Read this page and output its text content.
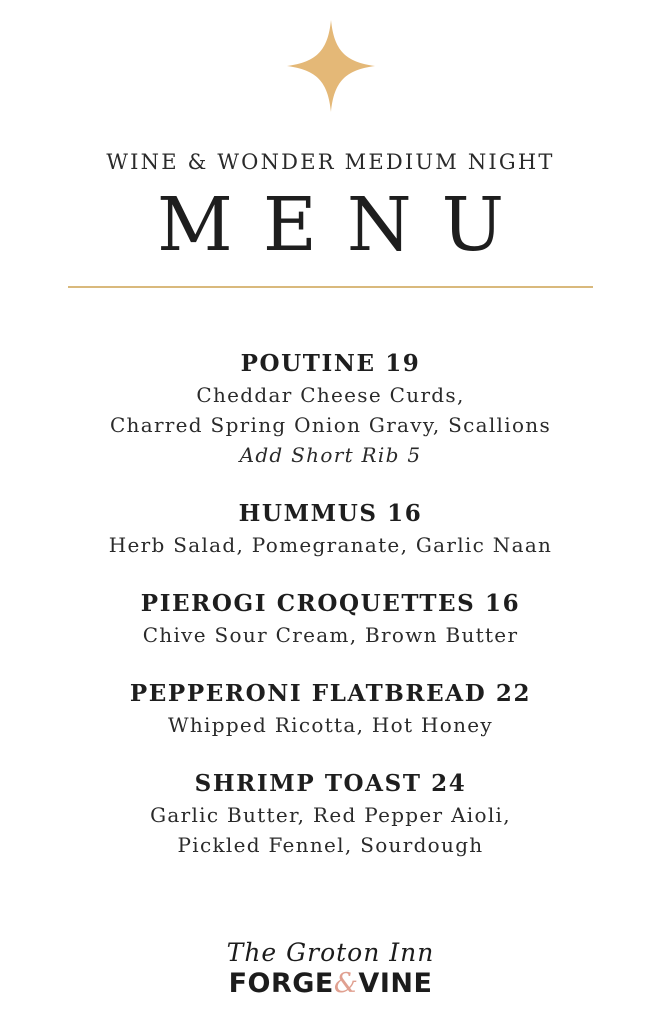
WINE & WONDER MEDIUM NIGHT
MENU
POUTINE 19
Cheddar Cheese Curds,
Charred Spring Onion Gravy, Scallions
Add Short Rib 5
HUMMUS 16
Herb Salad, Pomegranate, Garlic Naan
PIEROGI CROQUETTES 16
Chive Sour Cream, Brown Butter
PEPPERONI FLATBREAD 22
Whipped Ricotta, Hot Honey
SHRIMP TOAST 24
Garlic Butter, Red Pepper Aioli,
Pickled Fennel, Sourdough
The Groton Inn
FORGE&VINE
